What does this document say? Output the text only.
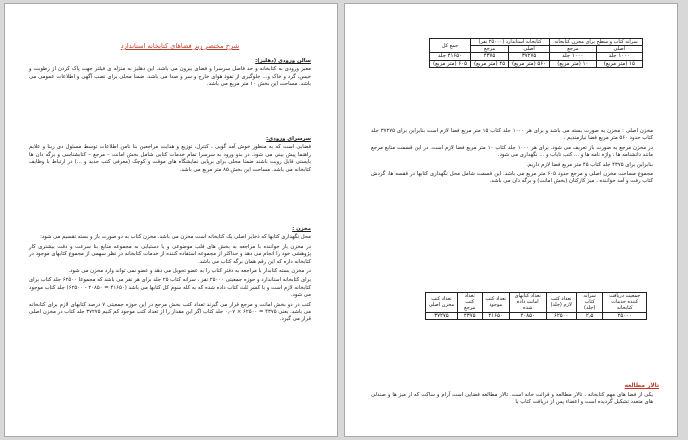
شرح مختصر ریز فضاهای کتابخانه استاندارد
سالن ورودی (دهلیز):

معبر ورودی به کتابخانه و حد فاصل سرسرا و فضای بیرون می باشد. این دهلیز به منزله ی فیلتر جهت پاک کردن از رطوبت و خیس، گرد و خاک و... جلوگیری از نفوذ هوای خارج و سر و صدا می باشد. ضمنا محلی برای نصب آگهی و اطلاعات عمومی می باشد. مساحت این بخش ۱۰ متر مربع می باشد.

سرسرای ورودی:

فضایی است که به منظور خوش آمد گویی ، کنترل، توزیع و هدایت مراجعین بنا نامن اطلاعات توسط مسئول دی رینا و علایم راهنما پیش بینی می شود. در بدو ورود به سرسرا تمام خدمات کتابی شامل بخش امانت – مرجع – کتابشناسی و برگه دان ها بایستی قابل رویت باشند ضمنا محلی برای برپایی نمایشگاه های موقت و کوچک (معرفی کتب جدید و ...) در ارتباط با وظایف کتابخانه می باشد. مساحت این بخش ۸۵ متر مربع می باشد.

مخزن :

محل نگهداری کتابها که ذخایر اصلی یک کتابخانه است مخزن می باشد. مخزن کتاب به دو صورت باز و بسته تقسیم می شود:

در مخزن باز خواننده با مراجعه به بخش های قلب موضوعی و یا دستیابی به مجموعه منابع بنا سرعت و دقت بیشتری کار پژوهشی خود را انجام می دهد و حداکثر از مجموعه استفاده کننده از خدمات کتابخانه در نظر سهمی از مجموع کتابهای موجود در کتابخانه داره که این رقم همان برگه کتاب می باشد.

در مخزن بسته کتابدار با مراجعه به دفتر کتاب را به عضو تحویل می دهد و عضو نمی تواند وارد مخزن می شود.

برای کتابخانه استاندارد و حوزه جمعیتی ۲۵۰۰۰ نفر ، سرانه کتاب ۲۵ جلد برای هر نفر می باشد که مجموعا ۶۲۵۰۰ جلد کتاب برای کتابخانه لازم است و با کسر ثلث کتاب داده شده که به کله سوم کل کتابها می باشد (۴۱۶۵۰ = ۲۰۸۵۰ - ۶۲۵۰۰) جلد کتاب موجود می شود.

کتب در دو بخش امانت و مرجع قرار می گیرند تعداد کتب بخش مرجع در این حوزه جمعیتی ۷ درصد کتابهای لازم برای کتابخانه می باشد. یعنی ۴۳۷۵ = ۶۲۵۰۰ × ۰٫۰۷ جلد کتاب اگر این مقدار را از تعداد کتب موجود کم کنیم ۳۷۲۷۵ جلد کتاب در مخزن اصلی قرار می گیرد.

سرانه کتاب و سطح برای مخزن کتابخانه		کتابخانه استاندارد (۲۵۰۰۰ نفر)		جمع کل
اصلی	مرجع	اصلی	مرجع	
۱۰۰۰ جلد	۱۰۰۰ جلد	۳۷۲۷۵	۴۳۷۵	۴۱۶۵۰ جلد
۱۵ (متر مربع)	۱۰ (متر مربع)	۵۶۰ (متر مربع)	۴۵ (متر مربع)	۶۰۵ (متر مربع)

مخزن اصلی : مخزن به صورت بسته می باشد و برای هر ۱۰۰۰ جلد کتاب ۱۵ متر مربع فضا لازم است بنابراین برای ۳۷۲۷۵ جلد کتاب حدود ۵۶۰ متر مربع فضا نیازمندیم .

در مخزن مرجع به صورت باز تعریف می شود. برای هر ۱۰۰۰ جلد کتاب ۱۰ متر مربع فضا لازم است. در این قسمت منابع مرجع مانند دانشنامه ها ، واژه نامه ها و ... کتب نایاب و ... نگهداری می شود.

بنابراین برای ۴۳۷۵ جلد کتاب ۴۵ متر مربع فضا لازم داریم.

مجموع مساحت مخزن اصلی و مرجع حدود ۶۰۵ متر مربع می باشد. این قسمت شامل محل نگهداری کتابها در قفسه ها، گردش کتاب رفت و آمد خواننده ، میز کارکنان (بخش امانت) و برگه دان می باشد.

جمعیت دریافت کننده خدمات کتابخانه	سرانه کتاب (جلد)	تعداد کتب لازم (جلد)	تعداد کتابهای امانت داده شده	تعداد کتب موجود	تعداد کتب مرجع	تعداد کتب مخزن اصلی
۲۵۰۰۰	۲٫۵	۶۲۵۰۰	۲۰۸۵۰	۴۱۶۵۰	۴۳۷۵	۳۷۲۷۵
تالار مطالعه

یکی از فضا های مهم کتابخانه ، تالار مطالعه و قرائت خانه است. تالار مطالعه فضایی است آرام و ساکت که از میز ها و صندلی های متعدد تشکیل گردیده است و اعضاء پس از دریافت کتاب یا
